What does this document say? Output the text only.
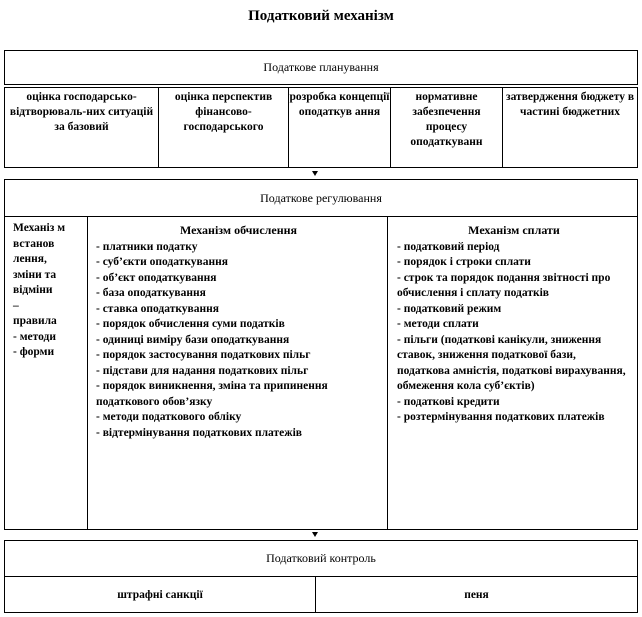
Податковий механізм
Податкове планування
оцінка господарсько-відтворюваль-них ситуацій за базовий
оцінка перспектив фінансово-господарського
розробка концепції оподаткув ання
нормативне забезпечення процесу оподаткуванн
затвердження бюджету в частині бюджетних
Податкове регулювання
Механіз м
встанов лення,
зміни та
відміни
–
правила
- методи
- форми
Механізм обчислення
- платники податку
- суб’єкти оподаткування
- об’єкт оподаткування
- база оподаткування
- ставка оподаткування
- порядок обчислення суми податків
- одиниці виміру бази оподаткування
- порядок застосування податкових пільг
- підстави для надання податкових пільг
- порядок виникнення, зміна та припинення податкового обов’язку
- методи податкового обліку
- відтермінування податкових платежів
Механізм сплати
- податковий період
- порядок і строки сплати
- строк та порядок подання звітності про обчислення і сплату податків
- податковий режим
- методи сплати
- пільги (податкові канікули, зниження ставок, зниження податкової бази, податкова амністія, податкові вирахування, обмеження кола суб’єктів)
- податкові кредити
- розтермінування податкових платежів
Податковий контроль
штрафні санкції	пеня
